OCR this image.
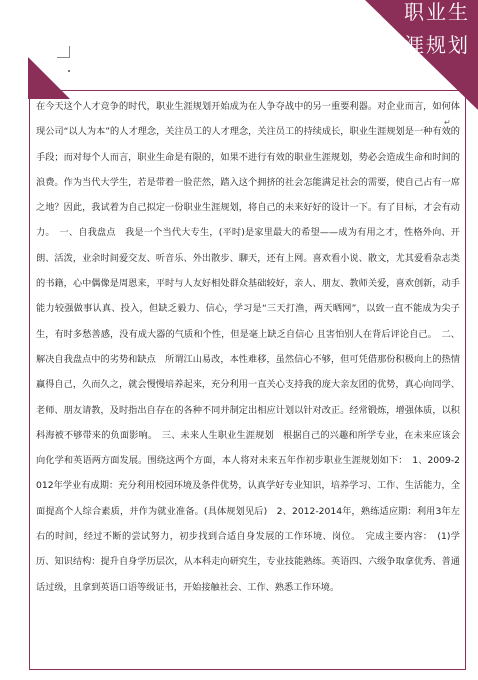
职业生涯规划
↵
在今天这个人才竞争的时代，职业生涯规划开始成为在人争夺战中的另一重要利器。对企业而言，如何体现公司“以人为本”的人才理念，关注员工的人才理念，关注员工的持续成长，职业生涯规划是一种有效的手段；而对每个人而言，职业生命是有限的，如果不进行有效的职业生涯规划，势必会造成生命和时间的浪费。作为当代大学生，若是带着一脸茫然，踏入这个拥挤的社会怎能满足社会的需要，使自己占有一席之地？因此，我试着为自己拟定一份职业生涯规划，将自己的未来好好的设计一下。有了目标，才会有动力。　一、自我盘点　我是一个当代大专生，(平时)是家里最大的希望——成为有用之才，性格外向、开朗、活泼，业余时间爱交友、听音乐、外出散步、聊天，还有上网。喜欢看小说、散文，尤其爱看杂志类的书籍，心中偶像是周恩来，平时与人友好相处群众基础较好，亲人、朋友、教师关爱，喜欢创新，动手能力较强做事认真、投入，但缺乏毅力、信心，学习是“三天打渔，两天晒网”，以致一直不能成为尖子生，有时多愁善感，没有成大器的气质和个性，但是毫上缺乏自信心 且害怕别人在背后评论自己。　二、解决自我盘点中的劣势和缺点　所谓江山易改，本性难移，虽然信心不够，但可凭借那份积极向上的热情赢得自己，久而久之，就会慢慢培养起来，充分利用一直关心支持我的庞大亲友团的优势，真心向同学、老师、朋友请教，及时指出自存在的各种不同并制定出相应计划以针对改正。经常锻炼，增强体质，以积科海被不够带来的负面影响。　三、未来人生职业生涯规划　根据自己的兴趣和所学专业，在未来应该会向化学和英语两方面发展。围绕这两个方面，本人将对未来五年作初步职业生涯规划如下：　1、2009-2012年学业有成期：充分利用校园环境及条件优势，认真学好专业知识，培养学习、工作、生活能力，全面提高个人综合素质，并作为就业准备。(具体规划见后)　2、2012-2014年，熟练适应期：利用3年左右的时间，经过不断的尝试努力，初步找到合适自身发展的工作环境、岗位。　完成主要内容：　(1)学历、知识结构：提升自身学历层次，从本科走向研究生，专业技能熟练。英语四、六级争取拿优秀、普通话过级，且拿到英语口语等级证书，开始接触社会、工作、熟悉工作环境。
